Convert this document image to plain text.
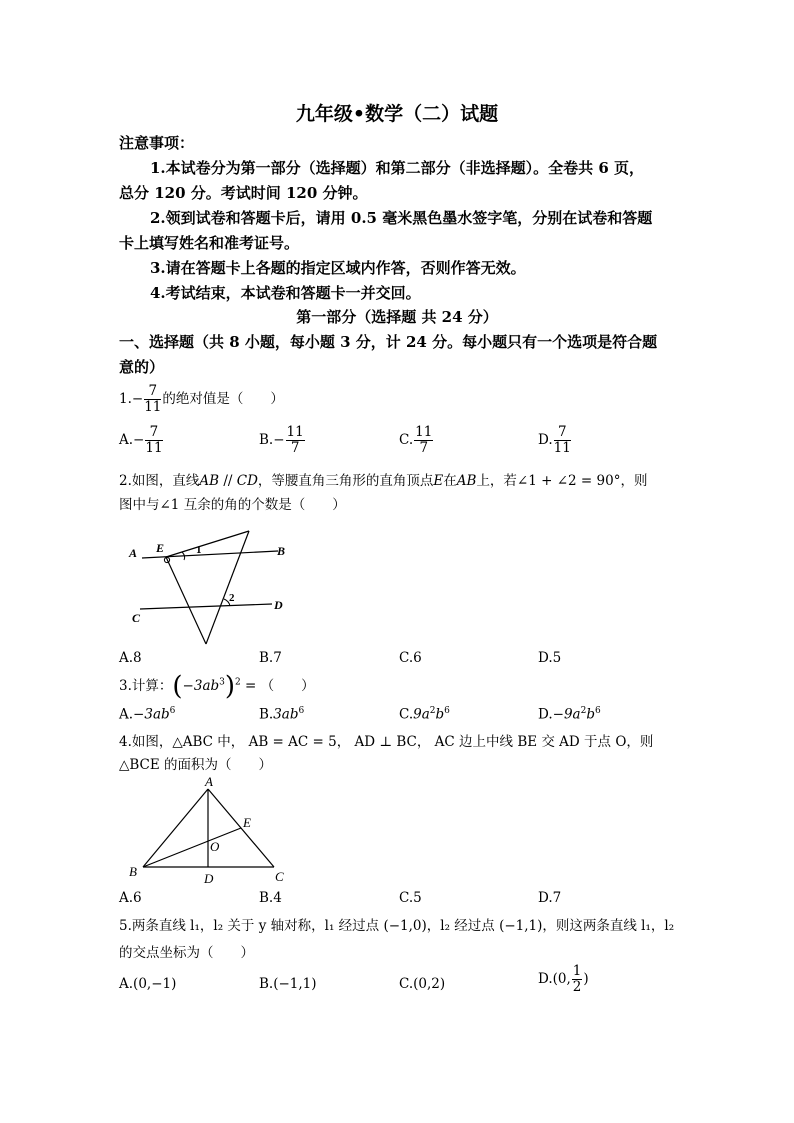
九年级•数学（二）试题
注意事项：
1.本试卷分为第一部分（选择题）和第二部分（非选择题）。全卷共 6 页，
总分 120 分。考试时间 120 分钟。
2.领到试卷和答题卡后，请用 0.5 毫米黑色墨水签字笔，分别在试卷和答题
卡上填写姓名和准考证号。
3.请在答题卡上各题的指定区域内作答，否则作答无效。
4.考试结束，本试卷和答题卡一并交回。
第一部分（选择题 共 24 分）
一、选择题（共 8 小题，每小题 3 分，计 24 分。每小题只有一个选项是符合题
意的）
$1.- \frac{7}{11}$ 的绝对值是（　　）
$A.- \frac{7}{11}$	$B.- \frac{11}{7}$	C. $\frac{11}{7}$	D. $\frac{7}{11}$
2.如图，直线AB // CD，等腰直角三角形的直角顶点E在AB上，若∠1 + ∠2 = 90°，则
图中与∠1 互余的角的个数是（　　）
A E	1	B
2	D
C
A.8	B.7	C.6	D.5
3.计算：$(-3ab^3)^2$ = （　　）
$A.-3ab^6$	$B.3ab^6$	$C.9a^2b^6$	$D.-9a^2b^6$
4.如图，△ABC 中， AB = AC = 5， AD ⊥ BC， AC 边上中线 BE 交 AD 于点 O，则
△BCE 的面积为（　　）
A
E
O
B	D	C
A.6	B.4	C.5	D.7
5.两条直线 l₁，l₂ 关于 y 轴对称，l₁ 经过点 (−1,0)，l₂ 经过点 (−1,1)，则这两条直线 l₁，l₂
的交点坐标为（　　）
A.(0,−1)	B.(−1,1)	C.(0,2)	D.(0, $\frac{1}{2}$ )
